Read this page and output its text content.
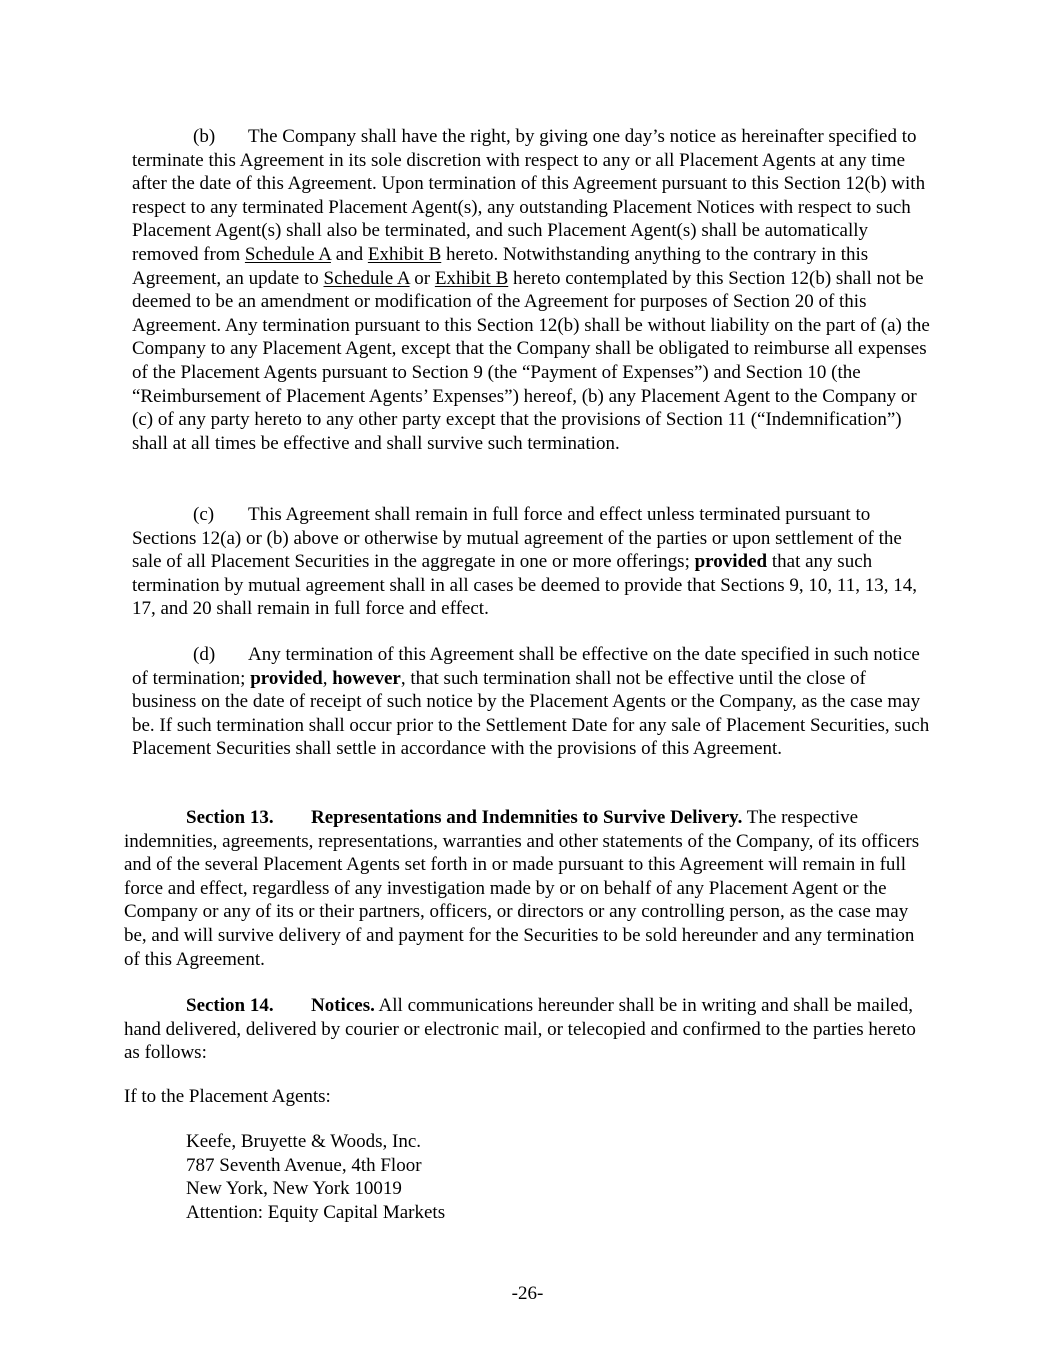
(b) The Company shall have the right, by giving one day’s notice as hereinafter specified to terminate this Agreement in its sole discretion with respect to any or all Placement Agents at any time after the date of this Agreement. Upon termination of this Agreement pursuant to this Section 12(b) with respect to any terminated Placement Agent(s), any outstanding Placement Notices with respect to such Placement Agent(s) shall also be terminated, and such Placement Agent(s) shall be automatically removed from Schedule A and Exhibit B hereto. Notwithstanding anything to the contrary in this Agreement, an update to Schedule A or Exhibit B hereto contemplated by this Section 12(b) shall not be deemed to be an amendment or modification of the Agreement for purposes of Section 20 of this Agreement. Any termination pursuant to this Section 12(b) shall be without liability on the part of (a) the Company to any Placement Agent, except that the Company shall be obligated to reimburse all expenses of the Placement Agents pursuant to Section 9 (the “Payment of Expenses”) and Section 10 (the “Reimbursement of Placement Agents’ Expenses”) hereof, (b) any Placement Agent to the Company or (c) of any party hereto to any other party except that the provisions of Section 11 (“Indemnification”) shall at all times be effective and shall survive such termination.

(c) This Agreement shall remain in full force and effect unless terminated pursuant to Sections 12(a) or (b) above or otherwise by mutual agreement of the parties or upon settlement of the sale of all Placement Securities in the aggregate in one or more offerings; provided that any such termination by mutual agreement shall in all cases be deemed to provide that Sections 9, 10, 11, 13, 14, 17, and 20 shall remain in full force and effect.

(d) Any termination of this Agreement shall be effective on the date specified in such notice of termination; provided, however, that such termination shall not be effective until the close of business on the date of receipt of such notice by the Placement Agents or the Company, as the case may be. If such termination shall occur prior to the Settlement Date for any sale of Placement Securities, such Placement Securities shall settle in accordance with the provisions of this Agreement.

Section 13. Representations and Indemnities to Survive Delivery. The respective indemnities, agreements, representations, warranties and other statements of the Company, of its officers and of the several Placement Agents set forth in or made pursuant to this Agreement will remain in full force and effect, regardless of any investigation made by or on behalf of any Placement Agent or the Company or any of its or their partners, officers, or directors or any controlling person, as the case may be, and will survive delivery of and payment for the Securities to be sold hereunder and any termination of this Agreement.

Section 14. Notices. All communications hereunder shall be in writing and shall be mailed, hand delivered, delivered by courier or electronic mail, or telecopied and confirmed to the parties hereto as follows:

If to the Placement Agents:

Keefe, Bruyette & Woods, Inc.

787 Seventh Avenue, 4th Floor

New York, New York 10019

Attention: Equity Capital Markets

-26-
